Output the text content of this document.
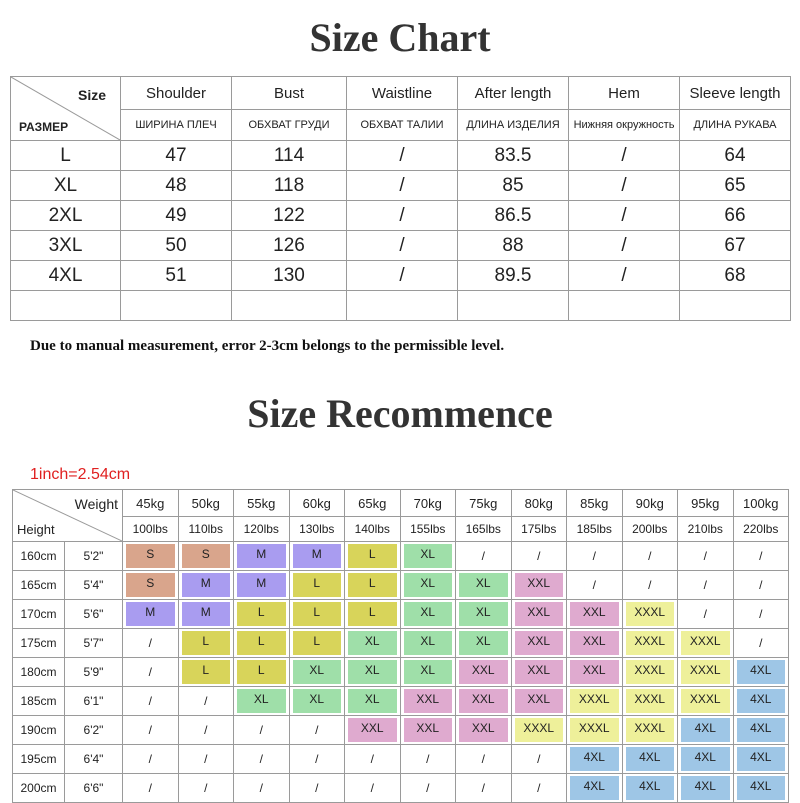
Size Chart
Size
РАЗМЕР	Shoulder	Bust	Waistline	After length	Hem	Sleeve length
	ШИРИНА ПЛЕЧ	ОБХВАТ ГРУДИ	ОБХВАТ ТАЛИИ	ДЛИНА ИЗДЕЛИЯ	Нижняя окружность	ДЛИНА РУКАВА
L	47	114	/	83.5	/	64
XL	48	118	/	85	/	65
2XL	49	122	/	86.5	/	66
3XL	50	126	/	88	/	67
4XL	51	130	/	89.5	/	68

Due to manual measurement, error 2-3cm belongs to the permissible level.
Size Recommence
1inch=2.54cm
Weight
Height		45kg	50kg	55kg	60kg	65kg	70kg	75kg	80kg	85kg	90kg	95kg	100kg
		100lbs	110lbs	120lbs	130lbs	140lbs	155lbs	165lbs	175lbs	185lbs	200lbs	210lbs	220lbs
160cm	5'2"	S	S	M	M	L	XL	/	/	/	/	/	/
165cm	5'4"	S	M	M	L	L	XL	XL	XXL	/	/	/	/
170cm	5'6"	M	M	L	L	L	XL	XL	XXL	XXL	XXXL	/	/
175cm	5'7"	/	L	L	L	XL	XL	XL	XXL	XXL	XXXL	XXXL	/
180cm	5'9"	/	L	L	XL	XL	XL	XXL	XXL	XXL	XXXL	XXXL	4XL

185cm	6'1"	/	/	XL	XL	XL	XXL	XXL	XXL	XXXL	XXXL	XXXL	4XL

190cm	6'2"	/	/	/	/	XXL	XXL	XXL	XXXL	XXXL	XXXL	4XL	4XL

195cm	6'4"	/	/	/	/	/	/	/	/	4XL	4XL	4XL	4XL

200cm	6'6"	/	/	/	/	/	/	/	/	4XL	4XL	4XL	4XL
